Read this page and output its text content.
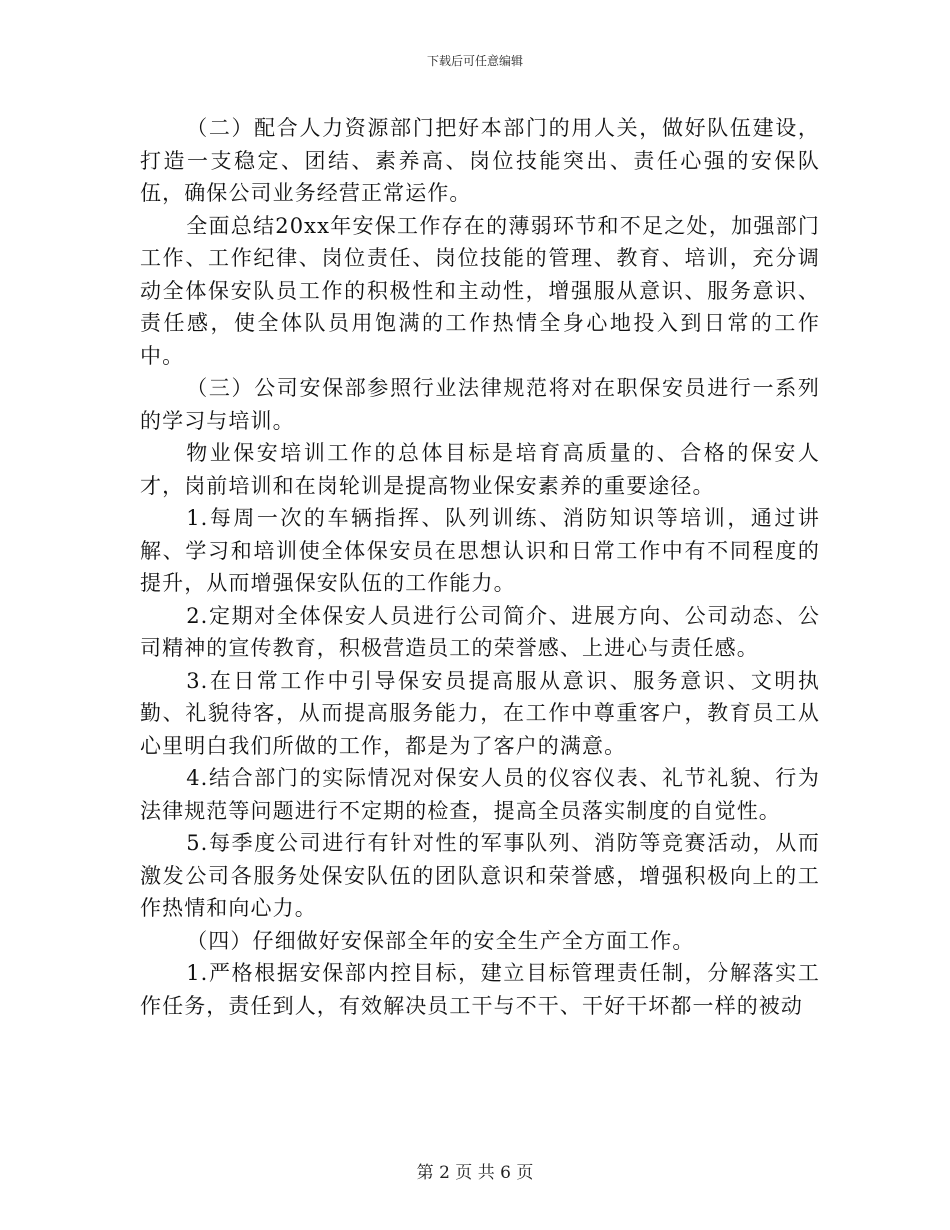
下载后可任意编辑

（二）配合人力资源部门把好本部门的用人关，做好队伍建设，打造一支稳定、团结、素养高、岗位技能突出、责任心强的安保队伍，确保公司业务经营正常运作。

全面总结20xx年安保工作存在的薄弱环节和不足之处，加强部门工作、工作纪律、岗位责任、岗位技能的管理、教育、培训，充分调动全体保安队员工作的积极性和主动性，增强服从意识、服务意识、责任感，使全体队员用饱满的工作热情全身心地投入到日常的工作中。

（三）公司安保部参照行业法律规范将对在职保安员进行一系列的学习与培训。

物业保安培训工作的总体目标是培育高质量的、合格的保安人才，岗前培训和在岗轮训是提高物业保安素养的重要途径。

1.每周一次的车辆指挥、队列训练、消防知识等培训，通过讲解、学习和培训使全体保安员在思想认识和日常工作中有不同程度的提升，从而增强保安队伍的工作能力。

2.定期对全体保安人员进行公司简介、进展方向、公司动态、公司精神的宣传教育，积极营造员工的荣誉感、上进心与责任感。

3.在日常工作中引导保安员提高服从意识、服务意识、文明执勤、礼貌待客，从而提高服务能力，在工作中尊重客户，教育员工从心里明白我们所做的工作，都是为了客户的满意。

4.结合部门的实际情况对保安人员的仪容仪表、礼节礼貌、行为法律规范等问题进行不定期的检查，提高全员落实制度的自觉性。

5.每季度公司进行有针对性的军事队列、消防等竞赛活动，从而激发公司各服务处保安队伍的团队意识和荣誉感，增强积极向上的工作热情和向心力。

（四）仔细做好安保部全年的安全生产全方面工作。

1.严格根据安保部内控目标，建立目标管理责任制，分解落实工作任务，责任到人，有效解决员工干与不干、干好干坏都一样的被动

第 2 页 共 6 页
